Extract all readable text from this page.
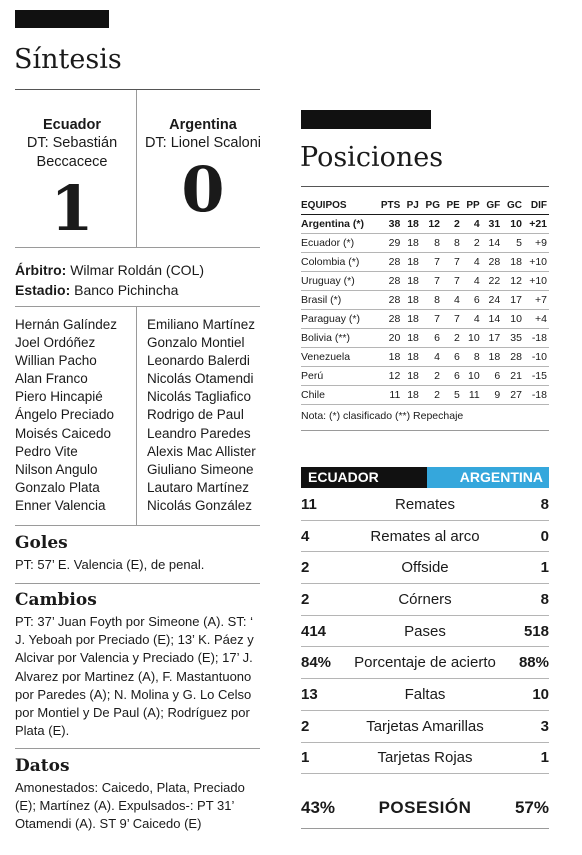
Síntesis
Ecuador
DT: Sebastián Beccacece
1
Argentina
DT: Lionel Scaloni
0
Árbitro: Wilmar Roldán (COL)
Estadio: Banco Pichincha
Hernán Galíndez
Joel Ordóñez
Willian Pacho
Alan Franco
Piero Hincapié
Ángelo Preciado
Moisés Caicedo
Pedro Vite
Nilson Angulo
Gonzalo Plata
Enner Valencia
Emiliano Martínez
Gonzalo Montiel
Leonardo Balerdi
Nicolás Otamendi
Nicolás Tagliafico
Rodrigo de Paul
Leandro Paredes
Alexis Mac Allister
Giuliano Simeone
Lautaro Martínez
Nicolás González
Goles
PT: 57’ E. Valencia (E), de penal.
Cambios
PT: 37’ Juan Foyth por Simeone (A). ST: ‘ J. Yeboah por Preciado (E); 13’ K. Páez y Alcivar por Valencia y Preciado (E); 17’ J. Alvarez por Martinez (A), F. Mastantuono por Paredes (A); N. Molina y G. Lo Celso por Montiel y De Paul (A); Rodríguez por Plata (E).
Datos
Amonestados: Caicedo, Plata, Preciado (E); Martínez (A). Expulsados-: PT 31’ Otamendi (A). ST 9’ Caicedo (E)
Posiciones
EQUIPOS	PTS	PJ	PG	PE	PP	GF	GC	DIF
Argentina (*)	38	18	12	2	4	31	10	+21
Ecuador (*)	29	18	8	8	2	14	5	+9
Colombia (*)	28	18	7	7	4	28	18	+10
Uruguay (*)	28	18	7	7	4	22	12	+10
Brasil (*)	28	18	8	4	6	24	17	+7
Paraguay (*)	28	18	7	7	4	14	10	+4
Bolivia (**)	20	18	6	2	10	17	35	-18
Venezuela	18	18	4	6	8	18	28	-10
Perú	12	18	2	6	10	6	21	-15
Chile	11	18	2	5	11	9	27	-18
Nota: (*) clasificado (**) Repechaje
ECUADOR	ARGENTINA
11	Remates	8
4	Remates al arco	0
2	Offside	1
2	Córners	8
414	Pases	518
84%	Porcentaje de acierto	88%
13	Faltas	10
2	Tarjetas Amarillas	3
1	Tarjetas Rojas	1
43%	POSESIÓN	57%
